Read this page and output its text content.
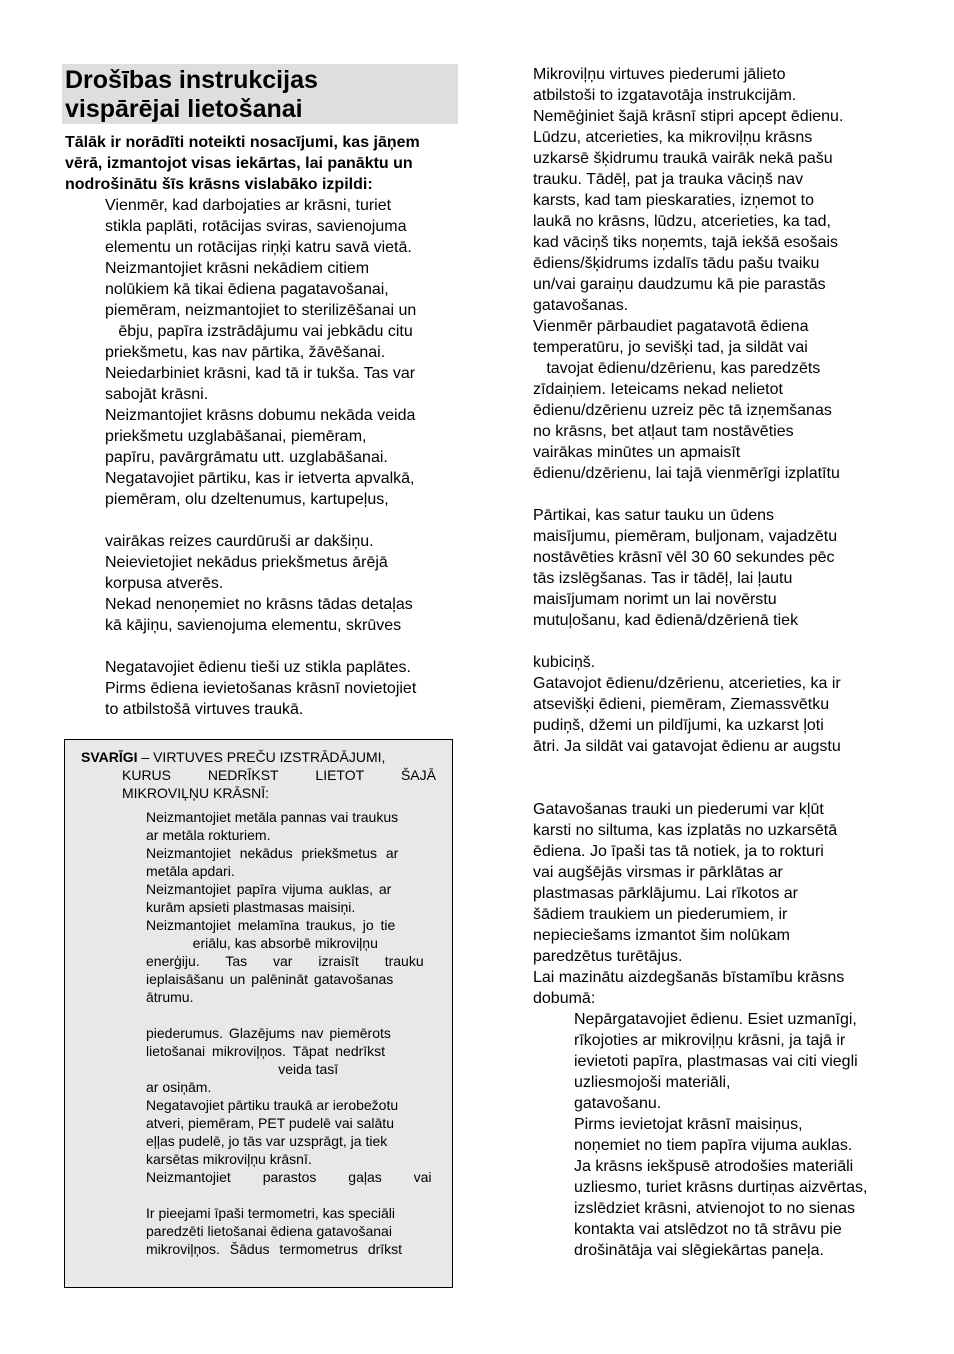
Drošības instrukcijas
vispārējai lietošanai
Tālāk ir norādīti noteikti nosacījumi, kas jāņem
vērā, izmantojot visas iekārtas, lai panāktu un
nodrošinātu šīs krāsns vislabāko izpildi:
Vienmēr, kad darbojaties ar krāsni, turiet
stikla paplāti, rotācijas sviras, savienojuma
elementu un rotācijas riņķi katru savā vietā.
Neizmantojiet krāsni nekādiem citiem
nolūkiem kā tikai ēdiena pagatavošanai,
piemēram, neizmantojiet to sterilizēšanai un
ēbju, papīra izstrādājumu vai jebkādu citu
priekšmetu, kas nav pārtika, žāvēšanai.
Neiedarbiniet krāsni, kad tā ir tukša. Tas var
sabojāt krāsni.
Neizmantojiet krāsns dobumu nekāda veida
priekšmetu uzglabāšanai, piemēram,
papīru, pavārgrāmatu utt. uzglabāšanai.
Negatavojiet pārtiku, kas ir ietverta apvalkā,
piemēram, olu dzeltenumus, kartupeļus,
vairākas reizes caurdūruši ar dakšiņu.
Neievietojiet nekādus priekšmetus ārējā
korpusa atverēs.
Nekad nenoņemiet no krāsns tādas detaļas
kā kājiņu, savienojuma elementu, skrūves
Negatavojiet ēdienu tieši uz stikla paplātes.
Pirms ēdiena ievietošanas krāsnī novietojiet
to atbilstošā virtuves traukā.
SVARĪGI – VIRTUVES PREČU IZSTRĀDĀJUMI,
KURUS	NEDRĪKST	LIETOT	ŠAJĀ
MIKROVIĻŅU KRĀSNĪ:
Neizmantojiet metāla pannas vai traukus
ar metāla rokturiem.
Neizmantojiet nekādus priekšmetus ar
metāla apdari.
Neizmantojiet papīra vijuma auklas, ar
kurām apsieti plastmasas maisiņi.
Neizmantojiet melamīna traukus, jo tie
eriālu, kas absorbē mikroviļņu
enerģiju. Tas var izraisīt trauku
ieplaisāšanu un palēnināt gatavošanas
ātrumu.
piederumus. Glazējums nav piemērots
lietošanai mikroviļņos. Tāpat nedrīkst
veida tasī
ar osiņām.
Negatavojiet pārtiku traukā ar ierobežotu
atveri, piemēram, PET pudelē vai salātu
eļļas pudelē, jo tās var uzsprāgt, ja tiek
karsētas mikroviļņu krāsnī.
Neizmantojiet parastos gaļas vai
Ir pieejami īpaši termometri, kas speciāli
paredzēti lietošanai ēdiena gatavošanai
mikroviļņos. Šādus termometrus drīkst
Mikroviļņu virtuves piederumi jālieto
atbilstoši to izgatavotāja instrukcijām.
Nemēģiniet šajā krāsnī stipri apcept ēdienu.
Lūdzu, atcerieties, ka mikroviļņu krāsns
uzkarsē šķidrumu traukā vairāk nekā pašu
trauku. Tādēļ, pat ja trauka vāciņš nav
karsts, kad tam pieskaraties, izņemot to
laukā no krāsns, lūdzu, atcerieties, ka tad,
kad vāciņš tiks noņemts, tajā iekšā esošais
ēdiens/šķidrums izdalīs tādu pašu tvaiku
un/vai garaiņu daudzumu kā pie parastās
gatavošanas.
Vienmēr pārbaudiet pagatavotā ēdiena
temperatūru, jo sevišķi tad, ja sildāt vai
tavojat ēdienu/dzērienu, kas paredzēts
zīdaiņiem. Ieteicams nekad nelietot
ēdienu/dzērienu uzreiz pēc tā izņemšanas
no krāsns, bet atļaut tam nostāvēties
vairākas minūtes un apmaisīt
ēdienu/dzērienu, lai tajā vienmērīgi izplatītu
Pārtikai, kas satur tauku un ūdens
maisījumu, piemēram, buljonam, vajadzētu
nostāvēties krāsnī vēl 30 60 sekundes pēc
tās izslēgšanas. Tas ir tādēļ, lai ļautu
maisījumam norimt un lai novērstu
mutuļošanu, kad ēdienā/dzērienā tiek
kubiciņš.
Gatavojot ēdienu/dzērienu, atcerieties, ka ir
atsevišķi ēdieni, piemēram, Ziemassvētku
pudiņš, džemi un pildījumi, ka uzkarst ļoti
ātri. Ja sildāt vai gatavojat ēdienu ar augstu
Gatavošanas trauki un piederumi var kļūt
karsti no siltuma, kas izplatās no uzkarsētā
ēdiena. Jo īpaši tas tā notiek, ja to rokturi
vai augšējās virsmas ir pārklātas ar
plastmasas pārklājumu. Lai rīkotos ar
šādiem traukiem un piederumiem, ir
nepieciešams izmantot šim nolūkam
paredzētus turētājus.
Lai mazinātu aizdegšanās bīstamību krāsns
dobumā:
Nepārgatavojiet ēdienu. Esiet uzmanīgi,
rīkojoties ar mikroviļņu krāsni, ja tajā ir
ievietoti papīra, plastmasas vai citi viegli
uzliesmojoši materiāli,
gatavošanu.
Pirms ievietojat krāsnī maisiņus,
noņemiet no tiem papīra vijuma auklas.
Ja krāsns iekšpusē atrodošies materiāli
uzliesmo, turiet krāsns durtiņas aizvērtas,
izslēdziet krāsni, atvienojot to no sienas
kontakta vai atslēdzot no tā strāvu pie
drošinātāja vai slēgiekārtas paneļa.
